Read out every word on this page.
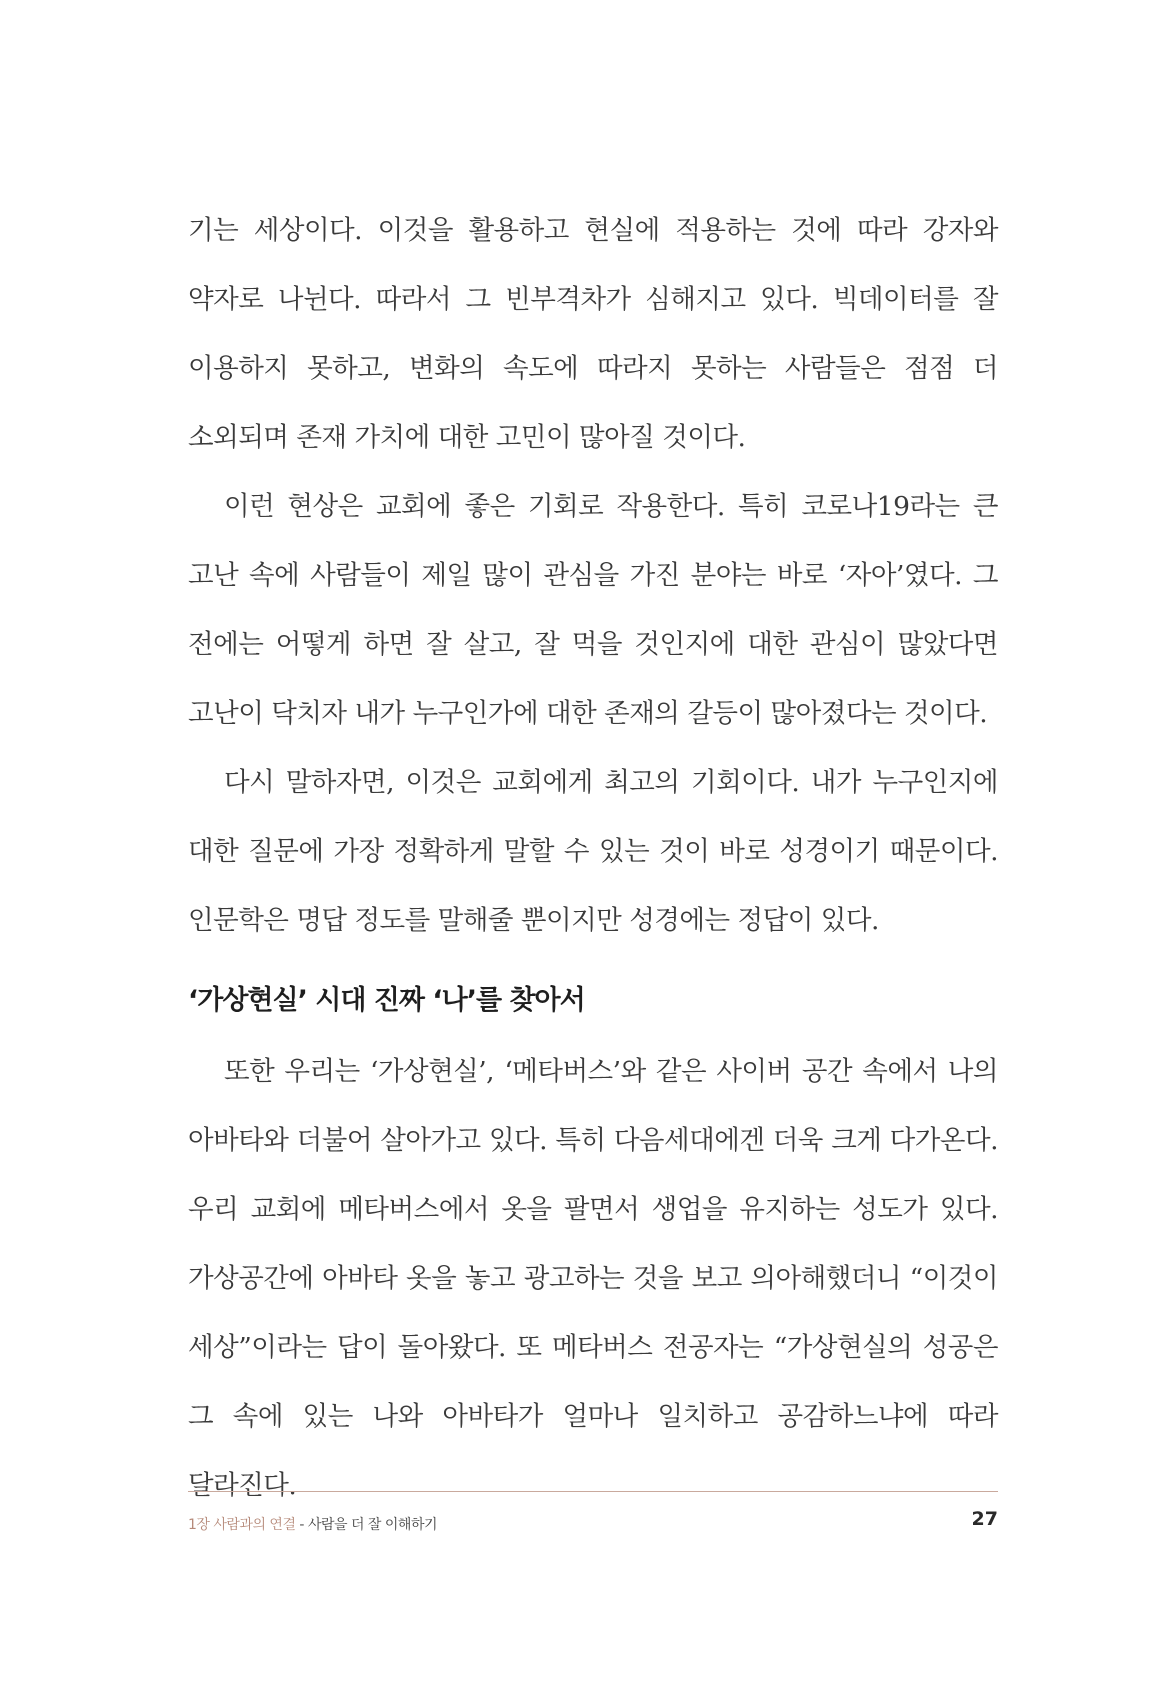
기는 세상이다. 이것을 활용하고 현실에 적용하는 것에 따라 강자와 약자로 나뉜다. 따라서 그 빈부격차가 심해지고 있다. 빅데이터를 잘 이용하지 못하고, 변화의 속도에 따라지 못하는 사람들은 점점 더 소외되며 존재 가치에 대한 고민이 많아질 것이다.

이런 현상은 교회에 좋은 기회로 작용한다. 특히 코로나19라는 큰 고난 속에 사람들이 제일 많이 관심을 가진 분야는 바로 ‘자아’였다. 그 전에는 어떻게 하면 잘 살고, 잘 먹을 것인지에 대한 관심이 많았다면 고난이 닥치자 내가 누구인가에 대한 존재의 갈등이 많아졌다는 것이다.

다시 말하자면, 이것은 교회에게 최고의 기회이다. 내가 누구인지에 대한 질문에 가장 정확하게 말할 수 있는 것이 바로 성경이기 때문이다. 인문학은 명답 정도를 말해줄 뿐이지만 성경에는 정답이 있다.

‘가상현실’ 시대 진짜 ‘나’를 찾아서

또한 우리는 ‘가상현실’, ‘메타버스’와 같은 사이버 공간 속에서 나의 아바타와 더불어 살아가고 있다. 특히 다음세대에겐 더욱 크게 다가온다. 우리 교회에 메타버스에서 옷을 팔면서 생업을 유지하는 성도가 있다. 가상공간에 아바타 옷을 놓고 광고하는 것을 보고 의아해했더니 “이것이 세상”이라는 답이 돌아왔다. 또 메타버스 전공자는 “가상현실의 성공은 그 속에 있는 나와 아바타가 얼마나 일치하고 공감하느냐에 따라 달라진다.

1장 사람과의 연결 - 사람을 더 잘 이해하기	27
